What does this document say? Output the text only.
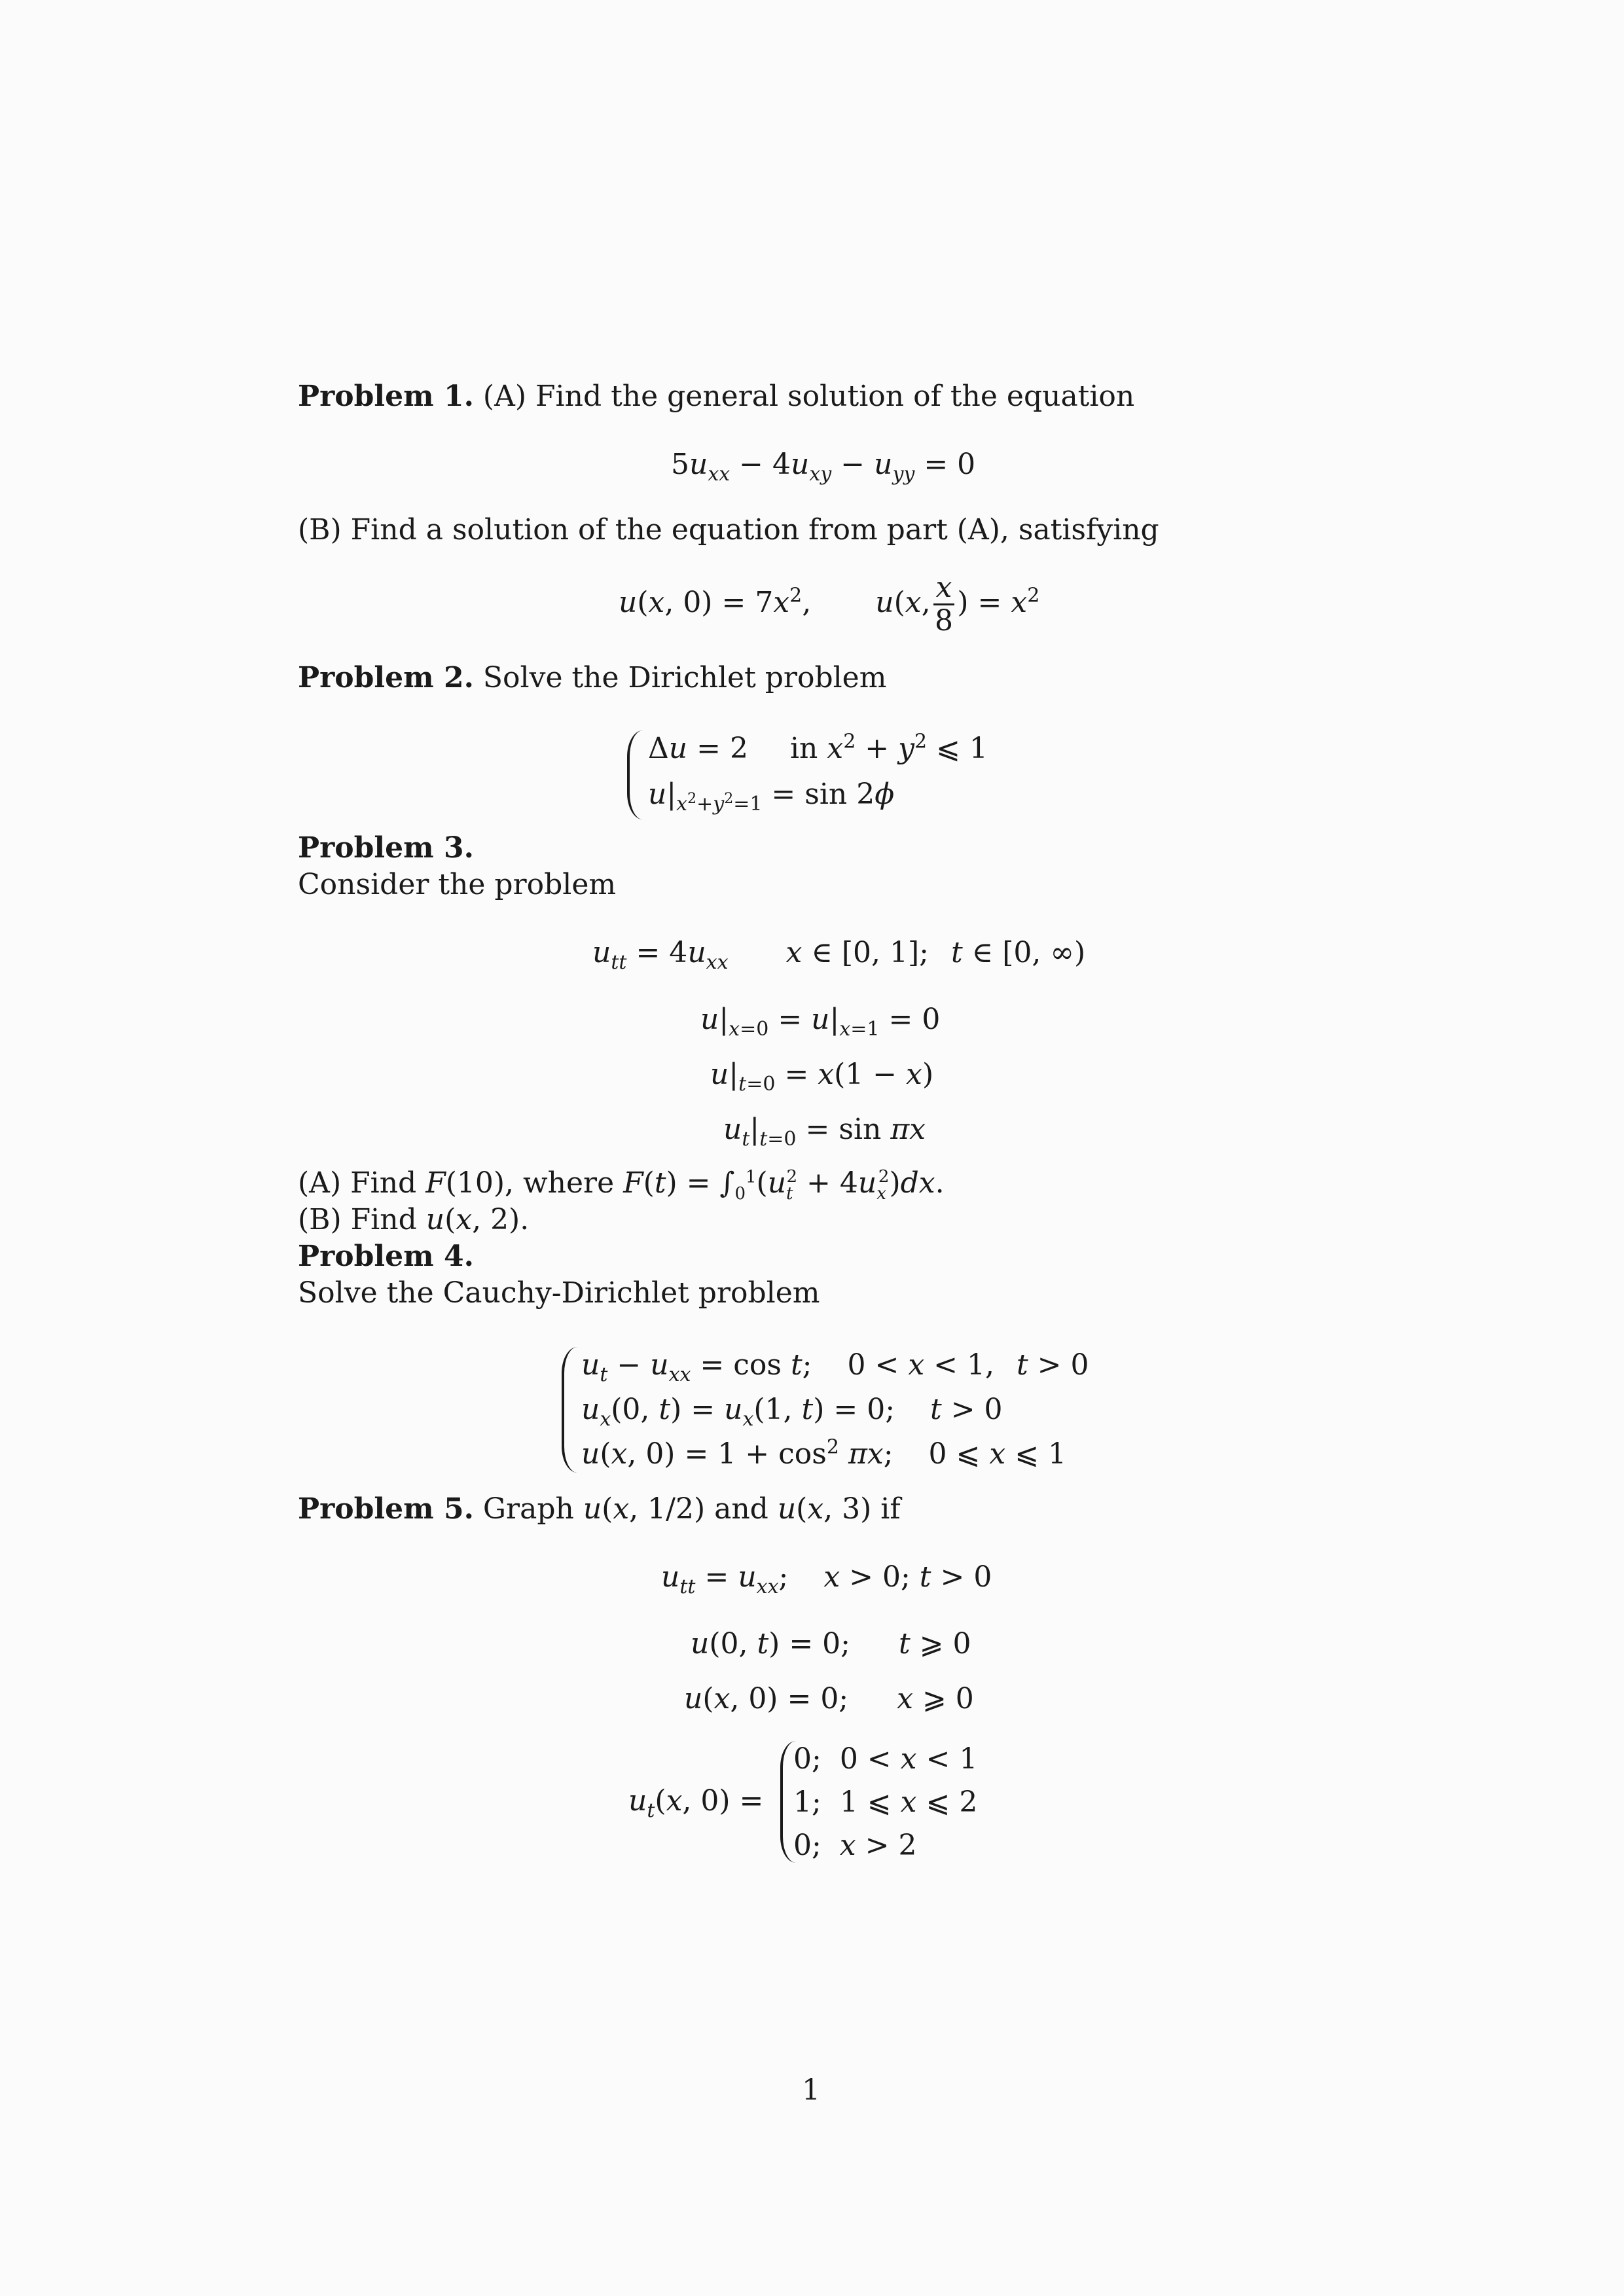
Problem 1. (A) Find the general solution of the equation
$5u_{xx} - 4u_{xy} - u_{yy} = 0$
(B) Find a solution of the equation from part (A), satisfying
u(x, $0) = 7x^2$,  u(x, $\frac{x}{8}$ ) = $x^2$
Problem 2. Solve the Dirichlet problem
Δu = 2 in $x^2 + y^2$ ⩽ 1
$u|_{x^2+y^2=1} = \sin 2\phi$
Problem 3.
Consider the problem
$u_{tt} = 4u_{xx}$ x ∈ [0, 1]; t ∈ [0, ∞)
$u|_{x=0} = u|_{x=1} = 0$
$u|_{t=0} = x(1 - x)$
$u_t|_{t=0} = \sin \pi x$
(A) Find F(10), where $F(t) = \int_0^1(u_t^2 + 4u_x^2)dx$.
(B) Find u(x, 2).
Problem 4.
Solve the Cauchy-Dirichlet problem
$u_t - u_{xx} = \cos t$; 0 < x < 1, t > 0
$u_x(0$, $t) = u_x(1$, t) = 0; t > 0
u(x, $0) = 1 + \cos^2 \pi x$; 0 ⩽ x ⩽ 1
Problem 5. Graph u(x, 1/2) and u(x, 3) if
$u_{tt} = u_{xx}$; x > 0; t > 0
u(0, t) = 0; t ⩾ 0
u(x, 0) = 0; x ⩾ 0
$u_t(x$, 0) =
0; 0 < x < 1
1; 1 ⩽ x ⩽ 2
0; x > 2
1
